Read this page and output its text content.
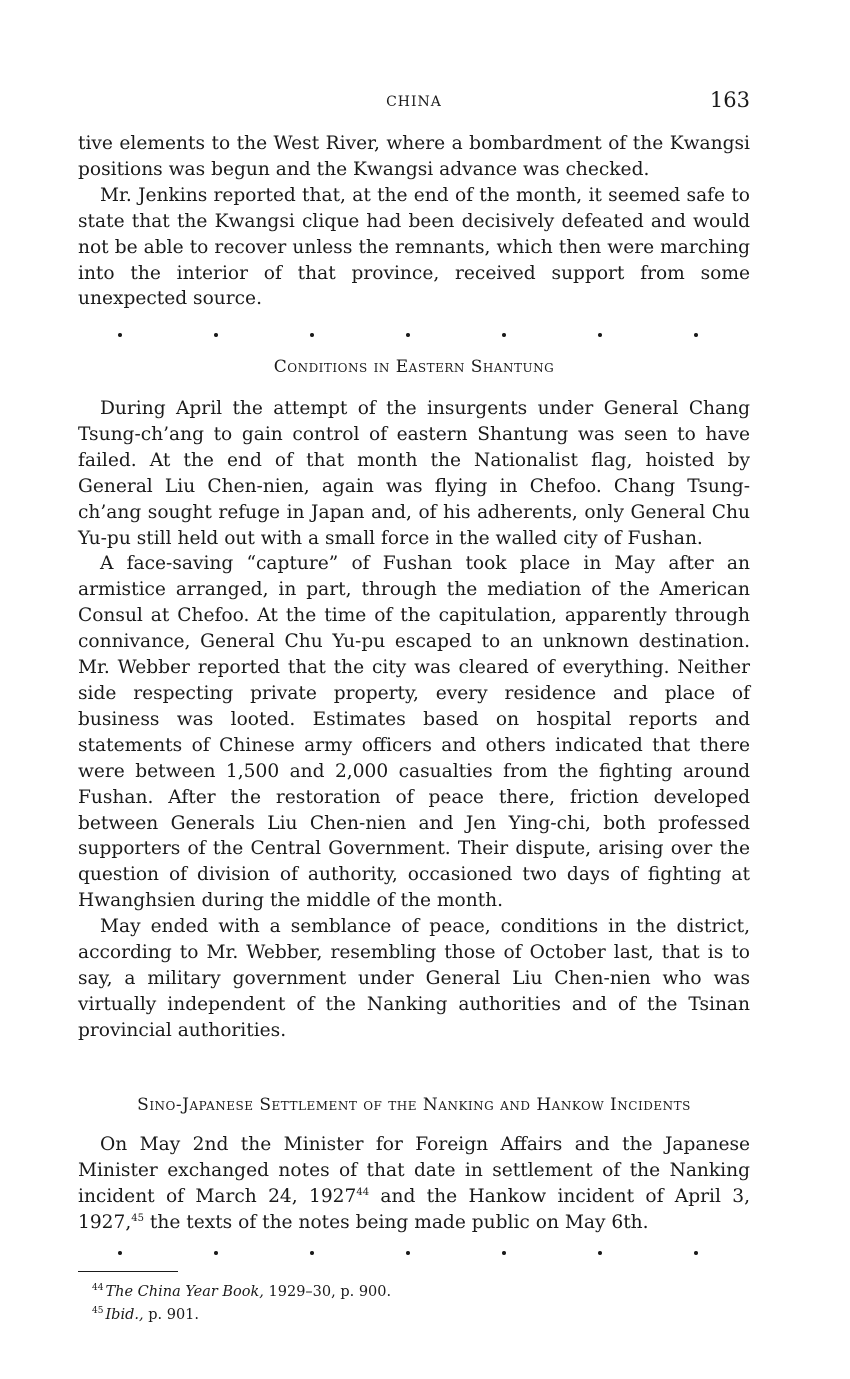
CHINA	163

tive elements to the West River, where a bombardment of the Kwangsi positions was begun and the Kwangsi advance was checked.

Mr. Jenkins reported that, at the end of the month, it seemed safe to state that the Kwangsi clique had been decisively defeated and would not be able to recover unless the remnants, which then were marching into the interior of that province, received support from some unexpected source.

Conditions in Eastern Shantung

During April the attempt of the insurgents under General Chang Tsung-ch’ang to gain control of eastern Shantung was seen to have failed. At the end of that month the Nationalist flag, hoisted by General Liu Chen-nien, again was flying in Chefoo. Chang Tsung-ch’ang sought refuge in Japan and, of his adherents, only General Chu Yu-pu still held out with a small force in the walled city of Fushan.

A face-saving “capture” of Fushan took place in May after an armistice arranged, in part, through the mediation of the American Consul at Chefoo. At the time of the capitulation, apparently through connivance, General Chu Yu-pu escaped to an unknown destination. Mr. Webber reported that the city was cleared of everything. Neither side respecting private property, every residence and place of business was looted. Estimates based on hospital reports and statements of Chinese army officers and others indicated that there were between 1,500 and 2,000 casualties from the fighting around Fushan. After the restoration of peace there, friction developed between Generals Liu Chen-nien and Jen Ying-chi, both professed supporters of the Central Government. Their dispute, arising over the question of division of authority, occasioned two days of fighting at Hwanghsien during the middle of the month.

May ended with a semblance of peace, conditions in the district, according to Mr. Webber, resembling those of October last, that is to say, a military government under General Liu Chen-nien who was virtually independent of the Nanking authorities and of the Tsinan provincial authorities.

Sino-Japanese Settlement of the Nanking and Hankow Incidents

On May 2nd the Minister for Foreign Affairs and the Japanese Minister exchanged notes of that date in settlement of the Nanking incident of March 24, 1927$^{44}$ and the Hankow incident of April 3, 1927,45 the texts of the notes being made public on May 6th.

$^{44}$ The China Year Book, 1929–30, p. 900.
$^{45}$ Ibid., p. 901.
